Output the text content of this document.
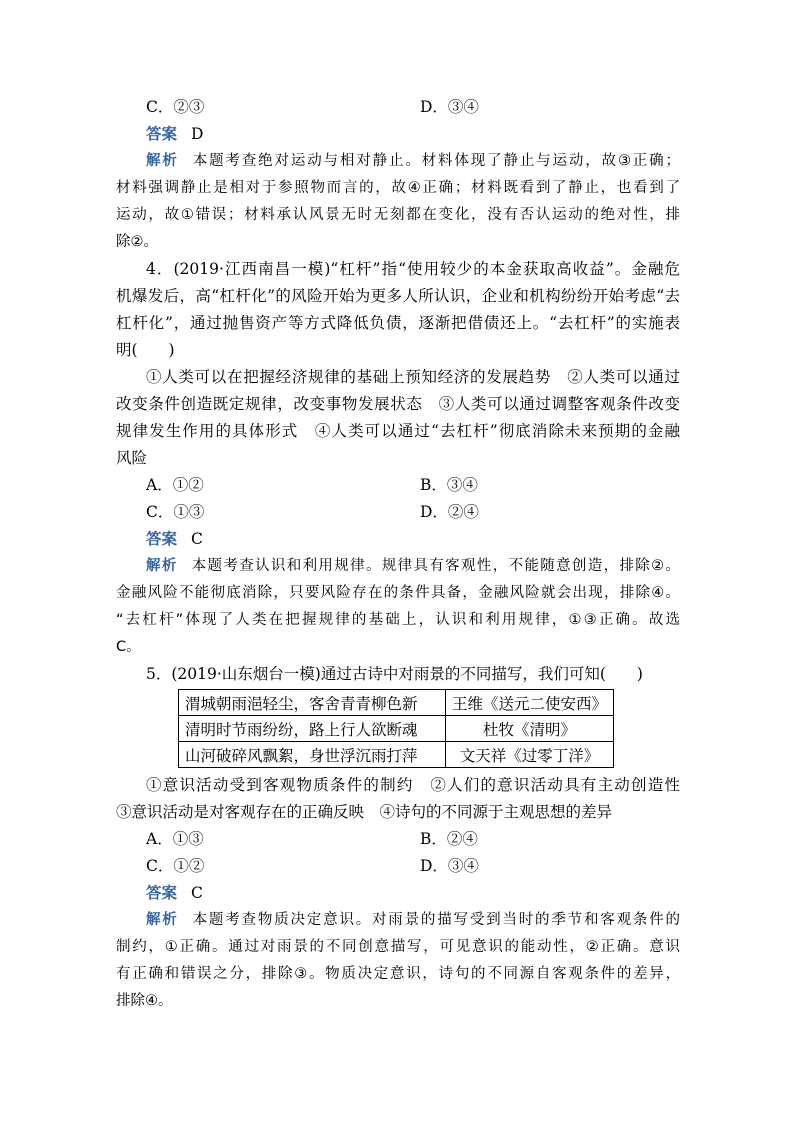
C．②③	D．③④
答案 D
解析 本题考查绝对运动与相对静止。材料体现了静止与运动，故③正确；
材料强调静止是相对于参照物而言的，故④正确；材料既看到了静止，也看到了
运动，故①错误；材料承认风景无时无刻都在变化，没有否认运动的绝对性，排
除②。
4．(2019·江西南昌一模)“杠杆”指“使用较少的本金获取高收益”。金融危
机爆发后，高“杠杆化”的风险开始为更多人所认识，企业和机构纷纷开始考虑“去
杠杆化”，通过抛售资产等方式降低负债，逐渐把借债还上。“去杠杆”的实施表
明(　　)
①人类可以在把握经济规律的基础上预知经济的发展趋势　②人类可以通过
改变条件创造既定规律，改变事物发展状态　③人类可以通过调整客观条件改变
规律发生作用的具体形式　④人类可以通过“去杠杆”彻底消除未来预期的金融
风险
A．①②	B．③④
C．①③	D．②④
答案 C
解析 本题考查认识和利用规律。规律具有客观性，不能随意创造，排除②。
金融风险不能彻底消除，只要风险存在的条件具备，金融风险就会出现，排除④。
“去杠杆”体现了人类在把握规律的基础上，认识和利用规律，①③正确。故选
C。
5．(2019·山东烟台一模)通过古诗中对雨景的不同描写，我们可知(　　)
渭城朝雨浥轻尘，客舍青青柳色新	王维《送元二使安西》
清明时节雨纷纷，路上行人欲断魂	杜牧《清明》
山河破碎风飘絮，身世浮沉雨打萍	文天祥《过零丁洋》
①意识活动受到客观物质条件的制约　②人们的意识活动具有主动创造性
③意识活动是对客观存在的正确反映　④诗句的不同源于主观思想的差异
A．①③	B．②④
C．①②	D．③④
答案 C
解析 本题考查物质决定意识。对雨景的描写受到当时的季节和客观条件的
制约，①正确。通过对雨景的不同创意描写，可见意识的能动性，②正确。意识
有正确和错误之分，排除③。物质决定意识，诗句的不同源自客观条件的差异，
排除④。
